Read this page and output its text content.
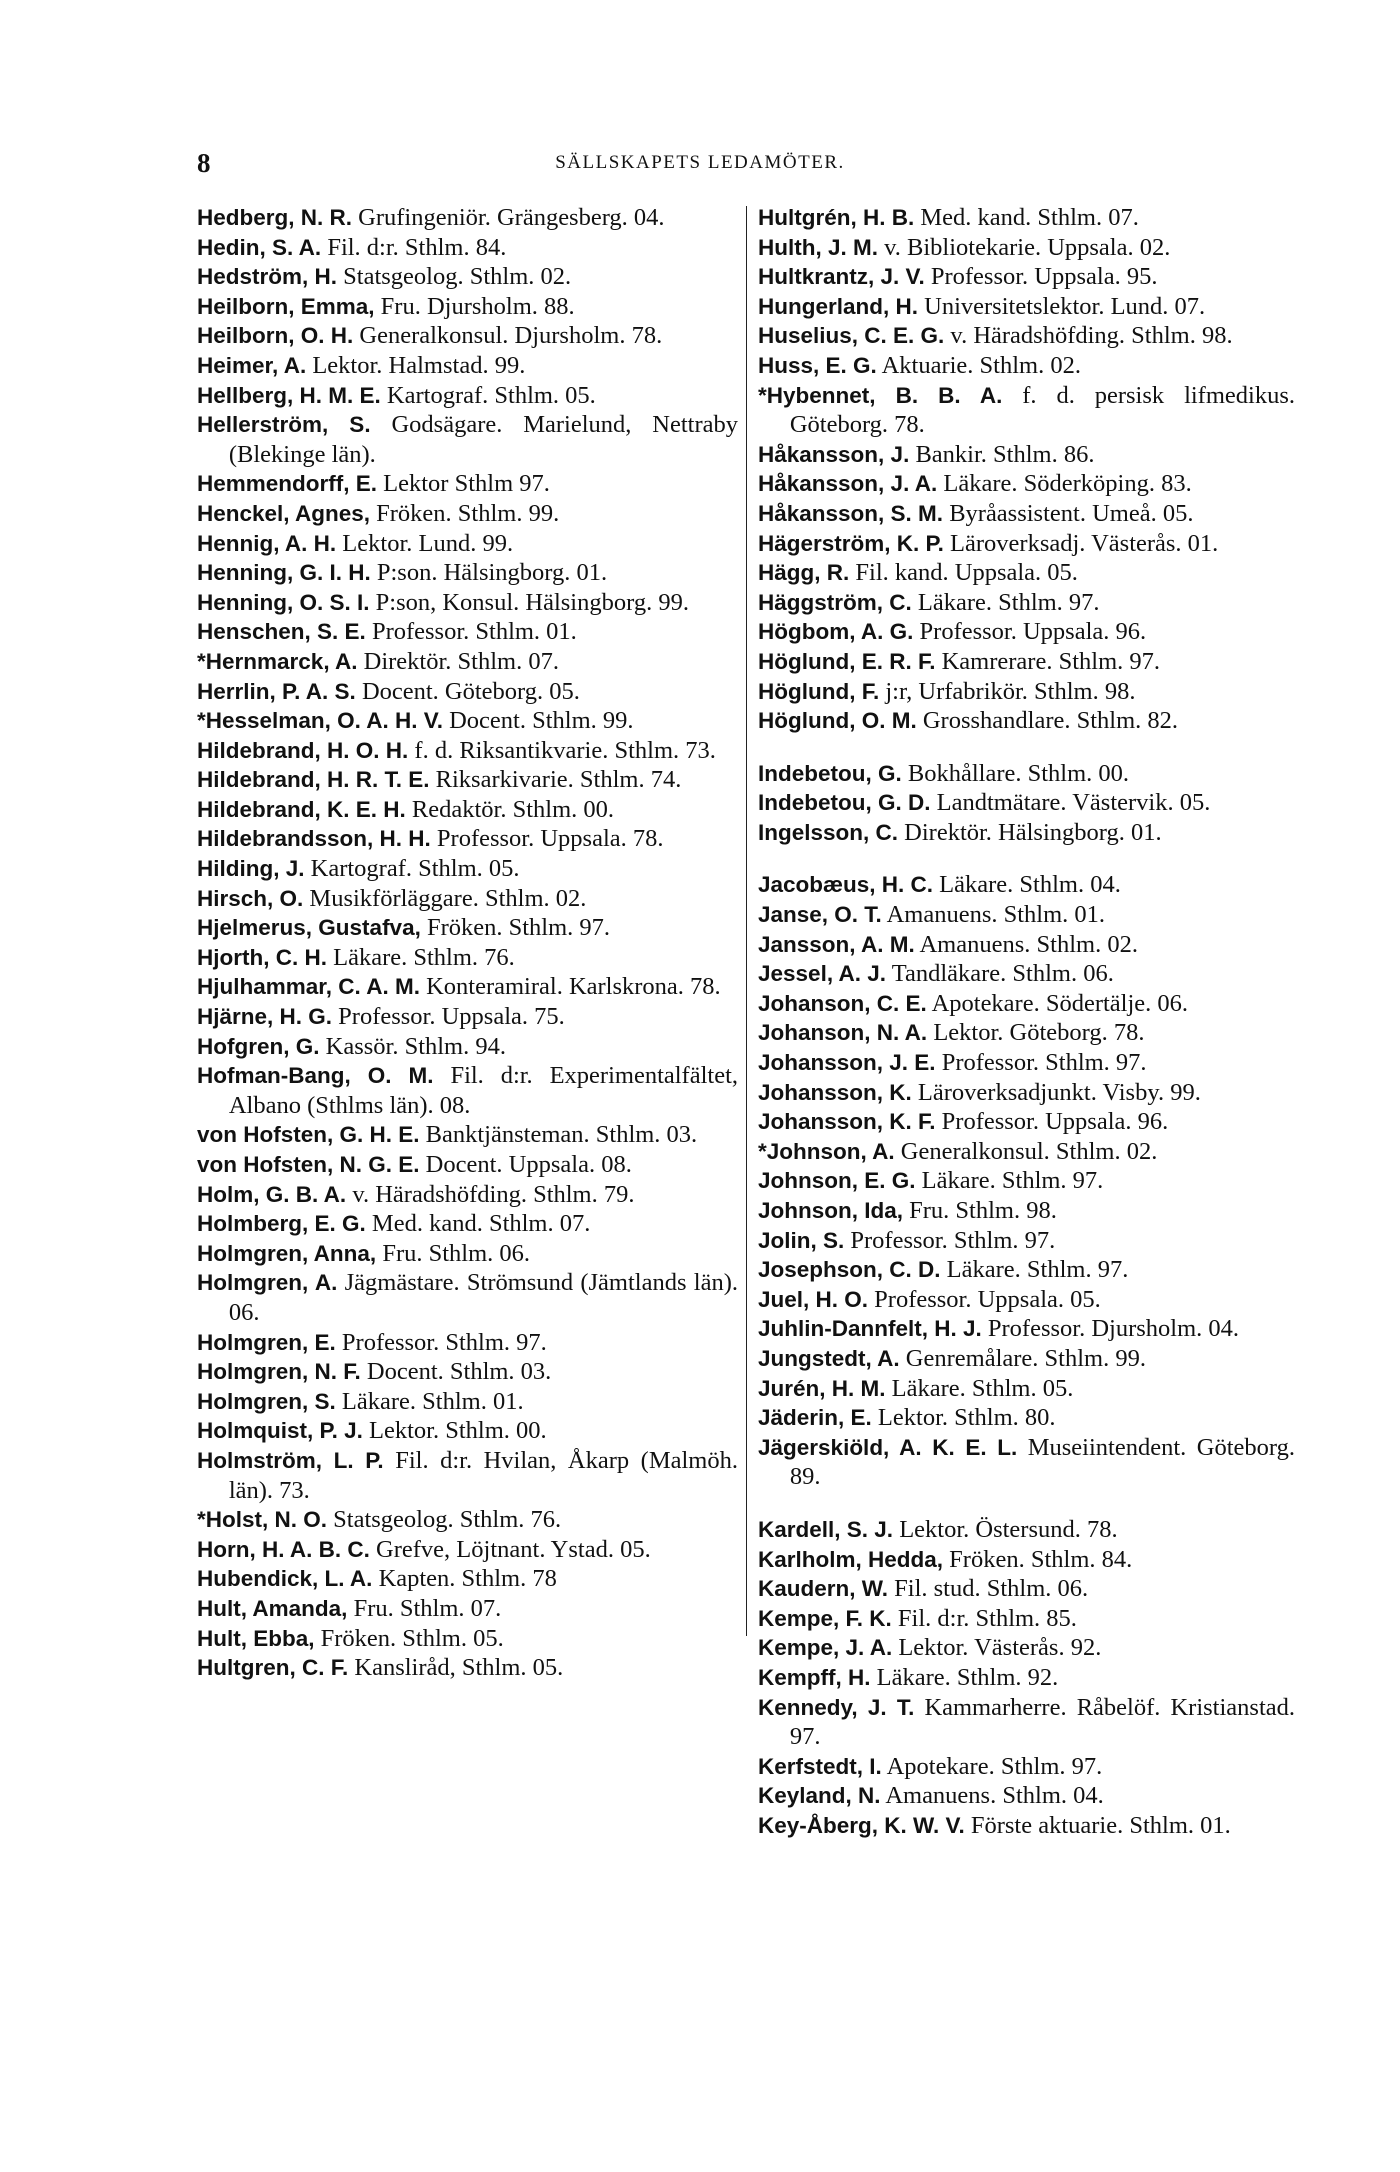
8	SÄLLSKAPETS LEDAMÖTER.

Hedberg, N. R. Grufingeniör. Grängesberg. 04.

Hedin, S. A. Fil. d:r. Sthlm. 84.

Hedström, H. Statsgeolog. Sthlm. 02.

Heilborn, Emma, Fru. Djursholm. 88.

Heilborn, O. H. Generalkonsul. Djursholm. 78.

Heimer, A. Lektor. Halmstad. 99.

Hellberg, H. M. E. Kartograf. Sthlm. 05.

Hellerström, S. Godsägare. Marielund, Nettraby (Blekinge län).

Hemmendorff, E. Lektor Sthlm 97.

Henckel, Agnes, Fröken. Sthlm. 99.

Hennig, A. H. Lektor. Lund. 99.

Henning, G. I. H. P:son. Hälsingborg. 01.

Henning, O. S. I. P:son, Konsul. Hälsingborg. 99.

Henschen, S. E. Professor. Sthlm. 01.

*Hernmarck, A. Direktör. Sthlm. 07.

Herrlin, P. A. S. Docent. Göteborg. 05.

*Hesselman, O. A. H. V. Docent. Sthlm. 99.

Hildebrand, H. O. H. f. d. Riksantikvarie. Sthlm. 73.

Hildebrand, H. R. T. E. Riksarkivarie. Sthlm. 74.

Hildebrand, K. E. H. Redaktör. Sthlm. 00.

Hildebrandsson, H. H. Professor. Uppsala. 78.

Hilding, J. Kartograf. Sthlm. 05.

Hirsch, O. Musikförläggare. Sthlm. 02.

Hjelmerus, Gustafva, Fröken. Sthlm. 97.

Hjorth, C. H. Läkare. Sthlm. 76.

Hjulhammar, C. A. M. Konteramiral. Karlskrona. 78.

Hjärne, H. G. Professor. Uppsala. 75.

Hofgren, G. Kassör. Sthlm. 94.

Hofman-Bang, O. M. Fil. d:r. Experimentalfältet, Albano (Sthlms län). 08.

von Hofsten, G. H. E. Banktjänsteman. Sthlm. 03.

von Hofsten, N. G. E. Docent. Uppsala. 08.

Holm, G. B. A. v. Häradshöfding. Sthlm. 79.

Holmberg, E. G. Med. kand. Sthlm. 07.

Holmgren, Anna, Fru. Sthlm. 06.

Holmgren, A. Jägmästare. Strömsund (Jämtlands län). 06.

Holmgren, E. Professor. Sthlm. 97.

Holmgren, N. F. Docent. Sthlm. 03.

Holmgren, S. Läkare. Sthlm. 01.

Holmquist, P. J. Lektor. Sthlm. 00.

Holmström, L. P. Fil. d:r. Hvilan, Åkarp (Malmöh. län). 73.

*Holst, N. O. Statsgeolog. Sthlm. 76.

Horn, H. A. B. C. Grefve, Löjtnant. Ystad. 05.

Hubendick, L. A. Kapten. Sthlm. 78

Hult, Amanda, Fru. Sthlm. 07.

Hult, Ebba, Fröken. Sthlm. 05.

Hultgren, C. F. Kansliråd, Sthlm. 05.

Hultgrén, H. B. Med. kand. Sthlm. 07.

Hulth, J. M. v. Bibliotekarie. Uppsala. 02.

Hultkrantz, J. V. Professor. Uppsala. 95.

Hungerland, H. Universitetslektor. Lund. 07.

Huselius, C. E. G. v. Häradshöfding. Sthlm. 98.

Huss, E. G. Aktuarie. Sthlm. 02.

*Hybennet, B. B. A. f. d. persisk lifmedikus. Göteborg. 78.

Håkansson, J. Bankir. Sthlm. 86.

Håkansson, J. A. Läkare. Söderköping. 83.

Håkansson, S. M. Byråassistent. Umeå. 05.

Hägerström, K. P. Läroverksadj. Västerås. 01.

Hägg, R. Fil. kand. Uppsala. 05.

Häggström, C. Läkare. Sthlm. 97.

Högbom, A. G. Professor. Uppsala. 96.

Höglund, E. R. F. Kamrerare. Sthlm. 97.

Höglund, F. j:r, Urfabrikör. Sthlm. 98.

Höglund, O. M. Grosshandlare. Sthlm. 82.

Indebetou, G. Bokhållare. Sthlm. 00.

Indebetou, G. D. Landtmätare. Västervik. 05.

Ingelsson, C. Direktör. Hälsingborg. 01.

Jacobæus, H. C. Läkare. Sthlm. 04.

Janse, O. T. Amanuens. Sthlm. 01.

Jansson, A. M. Amanuens. Sthlm. 02.

Jessel, A. J. Tandläkare. Sthlm. 06.

Johanson, C. E. Apotekare. Södertälje. 06.

Johanson, N. A. Lektor. Göteborg. 78.

Johansson, J. E. Professor. Sthlm. 97.

Johansson, K. Läroverksadjunkt. Visby. 99.

Johansson, K. F. Professor. Uppsala. 96.

*Johnson, A. Generalkonsul. Sthlm. 02.

Johnson, E. G. Läkare. Sthlm. 97.

Johnson, Ida, Fru. Sthlm. 98.

Jolin, S. Professor. Sthlm. 97.

Josephson, C. D. Läkare. Sthlm. 97.

Juel, H. O. Professor. Uppsala. 05.

Juhlin-Dannfelt, H. J. Professor. Djursholm. 04.

Jungstedt, A. Genremålare. Sthlm. 99.

Jurén, H. M. Läkare. Sthlm. 05.

Jäderin, E. Lektor. Sthlm. 80.

Jägerskiöld, A. K. E. L. Museiintendent. Göteborg. 89.

Kardell, S. J. Lektor. Östersund. 78.

Karlholm, Hedda, Fröken. Sthlm. 84.

Kaudern, W. Fil. stud. Sthlm. 06.

Kempe, F. K. Fil. d:r. Sthlm. 85.

Kempe, J. A. Lektor. Västerås. 92.

Kempff, H. Läkare. Sthlm. 92.

Kennedy, J. T. Kammarherre. Råbelöf. Kristianstad. 97.

Kerfstedt, I. Apotekare. Sthlm. 97.

Keyland, N. Amanuens. Sthlm. 04.

Key-Åberg, K. W. V. Förste aktuarie. Sthlm. 01.
